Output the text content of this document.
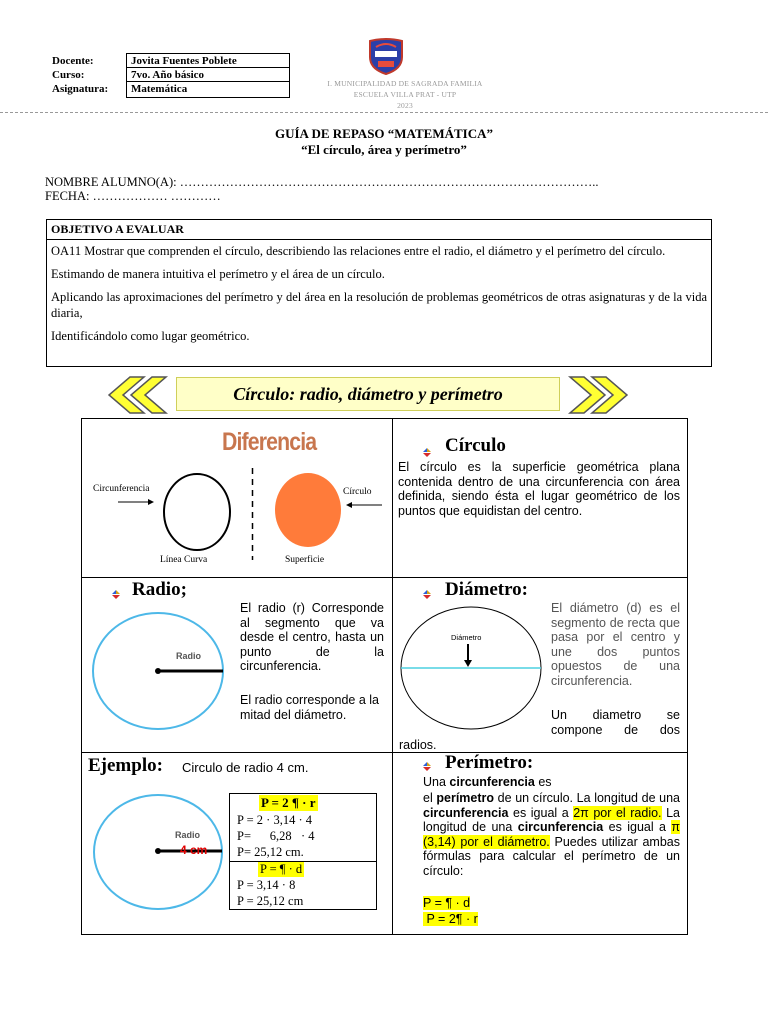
Docente:
Curso:
Asignatura:
Jovita Fuentes Poblete
7vo. Año básico
Matemática	I. MUNICIPALIDAD DE SAGRADA FAMILIA
ESCUELA VILLA PRAT - UTP
2023
GUÍA DE REPASO “MATEMÁTICA”
“El círculo, área y perímetro”
NOMBRE ALUMNO(A): ………………………………………………………………………………………..
FECHA: ……………… …………
OBJETIVO A EVALUAR
OA11 Mostrar que comprenden el círculo, describiendo las relaciones entre el radio, el diámetro y el perímetro del círculo.
Estimando de manera intuitiva el perímetro y el área de un círculo.
Aplicando las aproximaciones del perímetro y del área en la resolución de problemas geométricos de otras asignaturas y de la vida diaria,
Identificándolo como lugar geométrico.
Círculo: radio, diámetro y perímetro
Diferencia
Circunferencia
Línea Curva	Superficie
Círculo
Círculo
El círculo es la superficie geométrica plana contenida dentro de una circunferencia con área definida, siendo ésta el lugar geométrico de los puntos que equidistan del centro.
Radio;
Radio
El radio (r) Corresponde al segmento que va desde el centro, hasta un punto de la circunferencia.
El radio corresponde a la mitad del diámetro.
Diámetro:
Diámetro
El diámetro (d) es el segmento de recta que pasa por el centro y une dos puntos opuestos de una circunferencia.
Un diametro se compone de dos
radios.
Ejemplo: Circulo de radio 4 cm.
Radio
4 cm
P = 2 ¶ · r
P = 2 · 3,14 · 4
P=      6,28   · 4
P= 25,12 cm.
P = ¶ · d
P = 3,14 · 8
P = 25,12 cm
Perímetro:
Una circunferencia es
el perímetro de un círculo. La longitud de una circunferencia es igual a 2π por el radio. La longitud de una circunferencia es igual a π (3,14) por el diámetro. Puedes utilizar ambas fórmulas para calcular el perímetro de un círculo:
P = ¶ · d
P = 2¶ · r
